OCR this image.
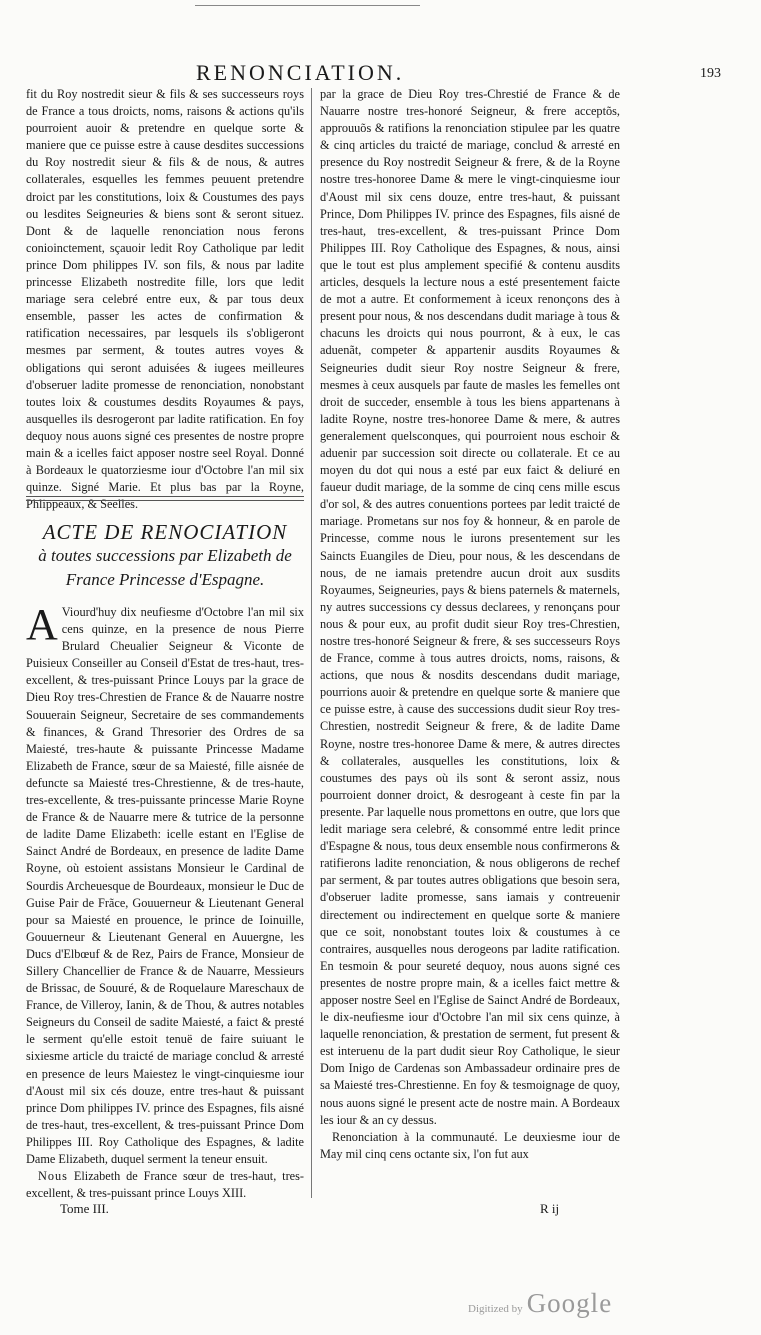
RENONCIATION.	193

fit du Roy nostredit sieur & fils & ses successeurs roys de France a tous droicts, noms, raisons & actions qu'ils pourroient auoir & pretendre en quelque sorte & maniere que ce puisse estre à cause desdites successions du Roy nostredit sieur & fils & de nous, & autres collaterales, esquelles les femmes peuuent pretendre droict par les constitutions, loix & Coustumes des pays ou lesdites Seigneuries & biens sont & seront situez. Dont & de laquelle renonciation nous ferons conioinctement, sçauoir ledit Roy Catholique par ledit prince Dom philippes IV. son fils, & nous par ladite princesse Elizabeth nostredite fille, lors que ledit mariage sera celebré entre eux, & par tous deux ensemble, passer les actes de confirmation & ratification necessaires, par lesquels ils s'obligeront mesmes par serment, & toutes autres voyes & obligations qui seront aduisées & iugees meilleures d'obseruer ladite promesse de renonciation, nonobstant toutes loix & coustumes desdits Royaumes & pays, ausquelles ils desrogeront par ladite ratification. En foy dequoy nous auons signé ces presentes de nostre propre main & a icelles faict apposer nostre seel Royal. Donné à Bordeaux le quatorziesme iour d'Octobre l'an mil six quinze. Signé Marie. Et plus bas par la Royne, Phlippeaux, & Seelles.

ACTE DE RENOCIATION
à toutes successions par Elizabeth de France Princesse d'Espagne.

A Viourd'huy dix neufiesme d'Octobre l'an mil six cens quinze, en la presence de nous Pierre Brulard Cheualier Seigneur & Viconte de Puisieux Conseiller au Conseil d'Estat de tres-haut, tres-excellent, & tres-puissant Prince Louys par la grace de Dieu Roy tres-Chrestien de France & de Nauarre nostre Souuerain Seigneur, Secretaire de ses commandements & finances, & Grand Thresorier des Ordres de sa Maiesté, tres-haute & puissante Princesse Madame Elizabeth de France, sœur de sa Maiesté, fille aisnée de defuncte sa Maiesté tres-Chrestienne, & de tres-haute, tres-excellente, & tres-puissante princesse Marie Royne de France & de Nauarre mere & tutrice de la personne de ladite Dame Elizabeth: icelle estant en l'Eglise de Sainct André de Bordeaux, en presence de ladite Dame Royne, où estoient assistans Monsieur le Cardinal de Sourdis Archeuesque de Bourdeaux, monsieur le Duc de Guise Pair de Frãce, Gouuerneur & Lieutenant General pour sa Maiesté en prouence, le prince de Ioinuille, Gouuerneur & Lieutenant General en Auuergne, les Ducs d'Elbœuf & de Rez, Pairs de France, Monsieur de Sillery Chancellier de France & de Nauarre, Messieurs de Brissac, de Souuré, & de Roquelaure Mareschaux de France, de Villeroy, Ianin, & de Thou, & autres notables Seigneurs du Conseil de sadite Maiesté, a faict & presté le serment qu'elle estoit tenuë de faire suiuant le sixiesme article du traicté de mariage conclud & arresté en presence de leurs Maiestez le vingt-cinquiesme iour d'Aoust mil six cés douze, entre tres-haut & puissant prince Dom philippes IV. prince des Espagnes, fils aisné de tres-haut, tres-excellent, & tres-puissant Prince Dom Philippes III. Roy Catholique des Espagnes, & ladite Dame Elizabeth, duquel serment la teneur ensuit.

Nous Elizabeth de France sœur de tres-haut, tres-excellent, & tres-puissant prince Louys XIII.

par la grace de Dieu Roy tres-Chrestié de France & de Nauarre nostre tres-honoré Seigneur, & frere acceptõs, approuuõs & ratifions la renonciation stipulee par les quatre & cinq articles du traicté de mariage, conclud & arresté en presence du Roy nostredit Seigneur & frere, & de la Royne nostre tres-honoree Dame & mere le vingt-cinquiesme iour d'Aoust mil six cens douze, entre tres-haut, & puissant Prince, Dom Philippes IV. prince des Espagnes, fils aisné de tres-haut, tres-excellent, & tres-puissant Prince Dom Philippes III. Roy Catholique des Espagnes, & nous, ainsi que le tout est plus amplement specifié & contenu ausdits articles, desquels la lecture nous a esté presentement faicte de mot a autre. Et conformement à iceux renonçons des à present pour nous, & nos descendans dudit mariage à tous & chacuns les droicts qui nous pourront, & à eux, le cas aduenãt, competer & appartenir ausdits Royaumes & Seigneuries dudit sieur Roy nostre Seigneur & frere, mesmes à ceux ausquels par faute de masles les femelles ont droit de succeder, ensemble à tous les biens appartenans à ladite Royne, nostre tres-honoree Dame & mere, & autres generalement quelsconques, qui pourroient nous eschoir & aduenir par succession soit directe ou collaterale. Et ce au moyen du dot qui nous a esté par eux faict & deliuré en faueur dudit mariage, de la somme de cinq cens mille escus d'or sol, & des autres conuentions portees par ledit traicté de mariage. Prometans sur nos foy & honneur, & en parole de Princesse, comme nous le iurons presentement sur les Saincts Euangiles de Dieu, pour nous, & les descendans de nous, de ne iamais pretendre aucun droit aux susdits Royaumes, Seigneuries, pays & biens paternels & maternels, ny autres successions cy dessus declarees, y renonçans pour nous & pour eux, au profit dudit sieur Roy tres-Chrestien, nostre tres-honoré Seigneur & frere, & ses successeurs Roys de France, comme à tous autres droicts, noms, raisons, & actions, que nous & nosdits descendans dudit mariage, pourrions auoir & pretendre en quelque sorte & maniere que ce puisse estre, à cause des successions dudit sieur Roy tres-Chrestien, nostredit Seigneur & frere, & de ladite Dame Royne, nostre tres-honoree Dame & mere, & autres directes & collaterales, ausquelles les constitutions, loix & coustumes des pays où ils sont & seront assiz, nous pourroient donner droict, & desrogeant à ceste fin par la presente. Par laquelle nous promettons en outre, que lors que ledit mariage sera celebré, & consommé entre ledit prince d'Espagne & nous, tous deux ensemble nous confirmerons & ratifierons ladite renonciation, & nous obligerons de rechef par serment, & par toutes autres obligations que besoin sera, d'obseruer ladite promesse, sans iamais y contreuenir directement ou indirectement en quelque sorte & maniere que ce soit, nonobstant toutes loix & coustumes à ce contraires, ausquelles nous derogeons par ladite ratification. En tesmoin & pour seureté dequoy, nous auons signé ces presentes de nostre propre main, & a icelles faict mettre & apposer nostre Seel en l'Eglise de Sainct André de Bordeaux, le dix-neufiesme iour d'Octobre l'an mil six cens quinze, à laquelle renonciation, & prestation de serment, fut present & est interuenu de la part dudit sieur Roy Catholique, le sieur Dom Inigo de Cardenas son Ambassadeur ordinaire pres de sa Maiesté tres-Chrestienne. En foy & tesmoignage de quoy, nous auons signé le present acte de nostre main. A Bordeaux les iour & an cy dessus.

Renonciation à la communauté. Le deuxiesme iour de May mil cinq cens octante six, l'on fut aux

Tome III.	R ij
Digitized by Google
